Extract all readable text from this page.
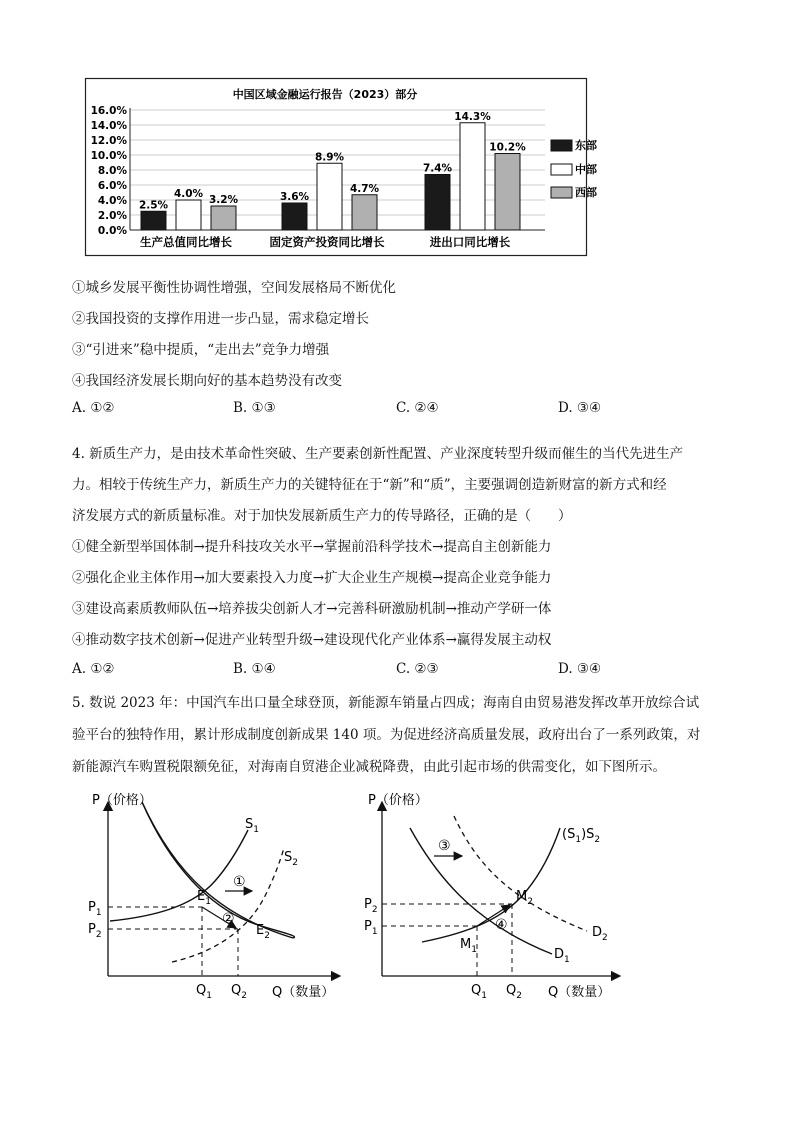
中国区域金融运行报告（2023）部分
0.0%
2.0%
4.0%
6.0%
8.0%
10.0%
12.0%
14.0%
16.0%
2.5%
4.0% 3.2%	3.6%
8.9%
4.7%
7.4%
14.3%
10.2%
生产总值同比增长	固定资产投资同比增长	进出口同比增长
东部
中部
西部
①城乡发展平衡性协调性增强，空间发展格局不断优化
②我国投资的支撑作用进一步凸显，需求稳定增长
③“引进来”稳中提质，“走出去”竞争力增强
④我国经济发展长期向好的基本趋势没有改变
A. ①②	B. ①③	C. ②④	D. ③④
4. 新质生产力，是由技术革命性突破、生产要素创新性配置、产业深度转型升级而催生的当代先进生产
力。相较于传统生产力，新质生产力的关键特征在于“新”和“质”，主要强调创造新财富的新方式和经
济发展方式的新质量标准。对于加快发展新质生产力的传导路径，正确的是（　　）
①健全新型举国体制→提升科技攻关水平→掌握前沿科学技术→提高自主创新能力
②强化企业主体作用→加大要素投入力度→扩大企业生产规模→提高企业竞争能力
③建设高素质教师队伍→培养拔尖创新人才→完善科研激励机制→推动产学研一体
④推动数字技术创新→促进产业转型升级→建设现代化产业体系→赢得发展主动权
A. ①②	B. ①④	C. ②③	D. ③④
5. 数说 2023 年：中国汽车出口量全球登顶，新能源车销量占四成；海南自由贸易港发挥改革开放综合试
验平台的独特作用，累计形成制度创新成果 140 项。为促进经济高质量发展，政府出台了一系列政策，对
新能源汽车购置税限额免征，对海南自贸港企业减税降费，由此引起市场的供需变化，如下图所示。
P（价格）
Q（数量）
$S_1$
$S_2$
$E_1$
$E_2$
$P_1$
$P_2$
$Q_1$ $Q_2$
①
②
P（价格）
Q（数量）
$(S_1)S_2$
$M_2$
$M_1$	$D_1$
$D_2$
$P_2$
$P_1$
$Q_1$ $Q_2$
③
④
